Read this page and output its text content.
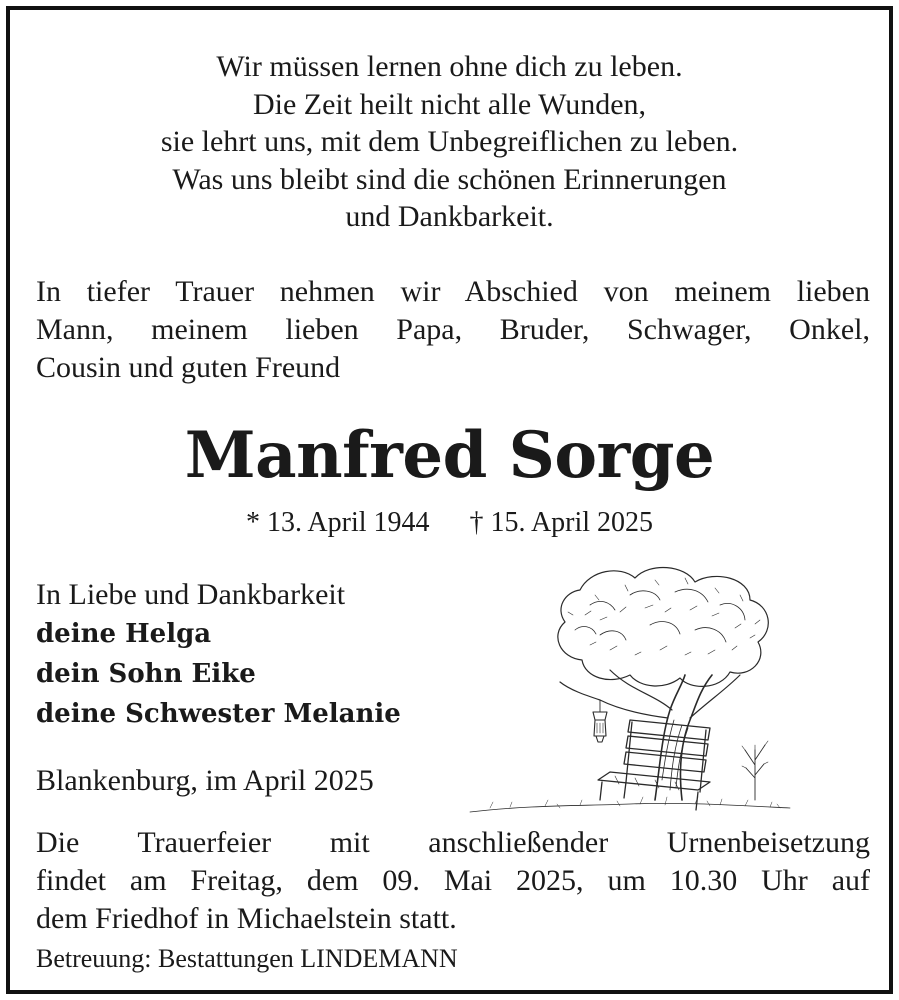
Wir müssen lernen ohne dich zu leben.
Die Zeit heilt nicht alle Wunden,
sie lehrt uns, mit dem Unbegreiflichen zu leben.
Was uns bleibt sind die schönen Erinnerungen
und Dankbarkeit.
In tiefer Trauer nehmen wir Abschied von meinem lieben
Mann, meinem lieben Papa, Bruder, Schwager, Onkel,
Cousin und guten Freund
Manfred Sorge
* 13. April 1944 † 15. April 2025
In Liebe und Dankbarkeit
deine Helga
dein Sohn Eike
deine Schwester Melanie
Blankenburg, im April 2025
Die Trauerfeier mit anschließender Urnenbeisetzung
findet am Freitag, dem 09. Mai 2025, um 10.30 Uhr auf
dem Friedhof in Michaelstein statt.
Betreuung: Bestattungen LINDEMANN
